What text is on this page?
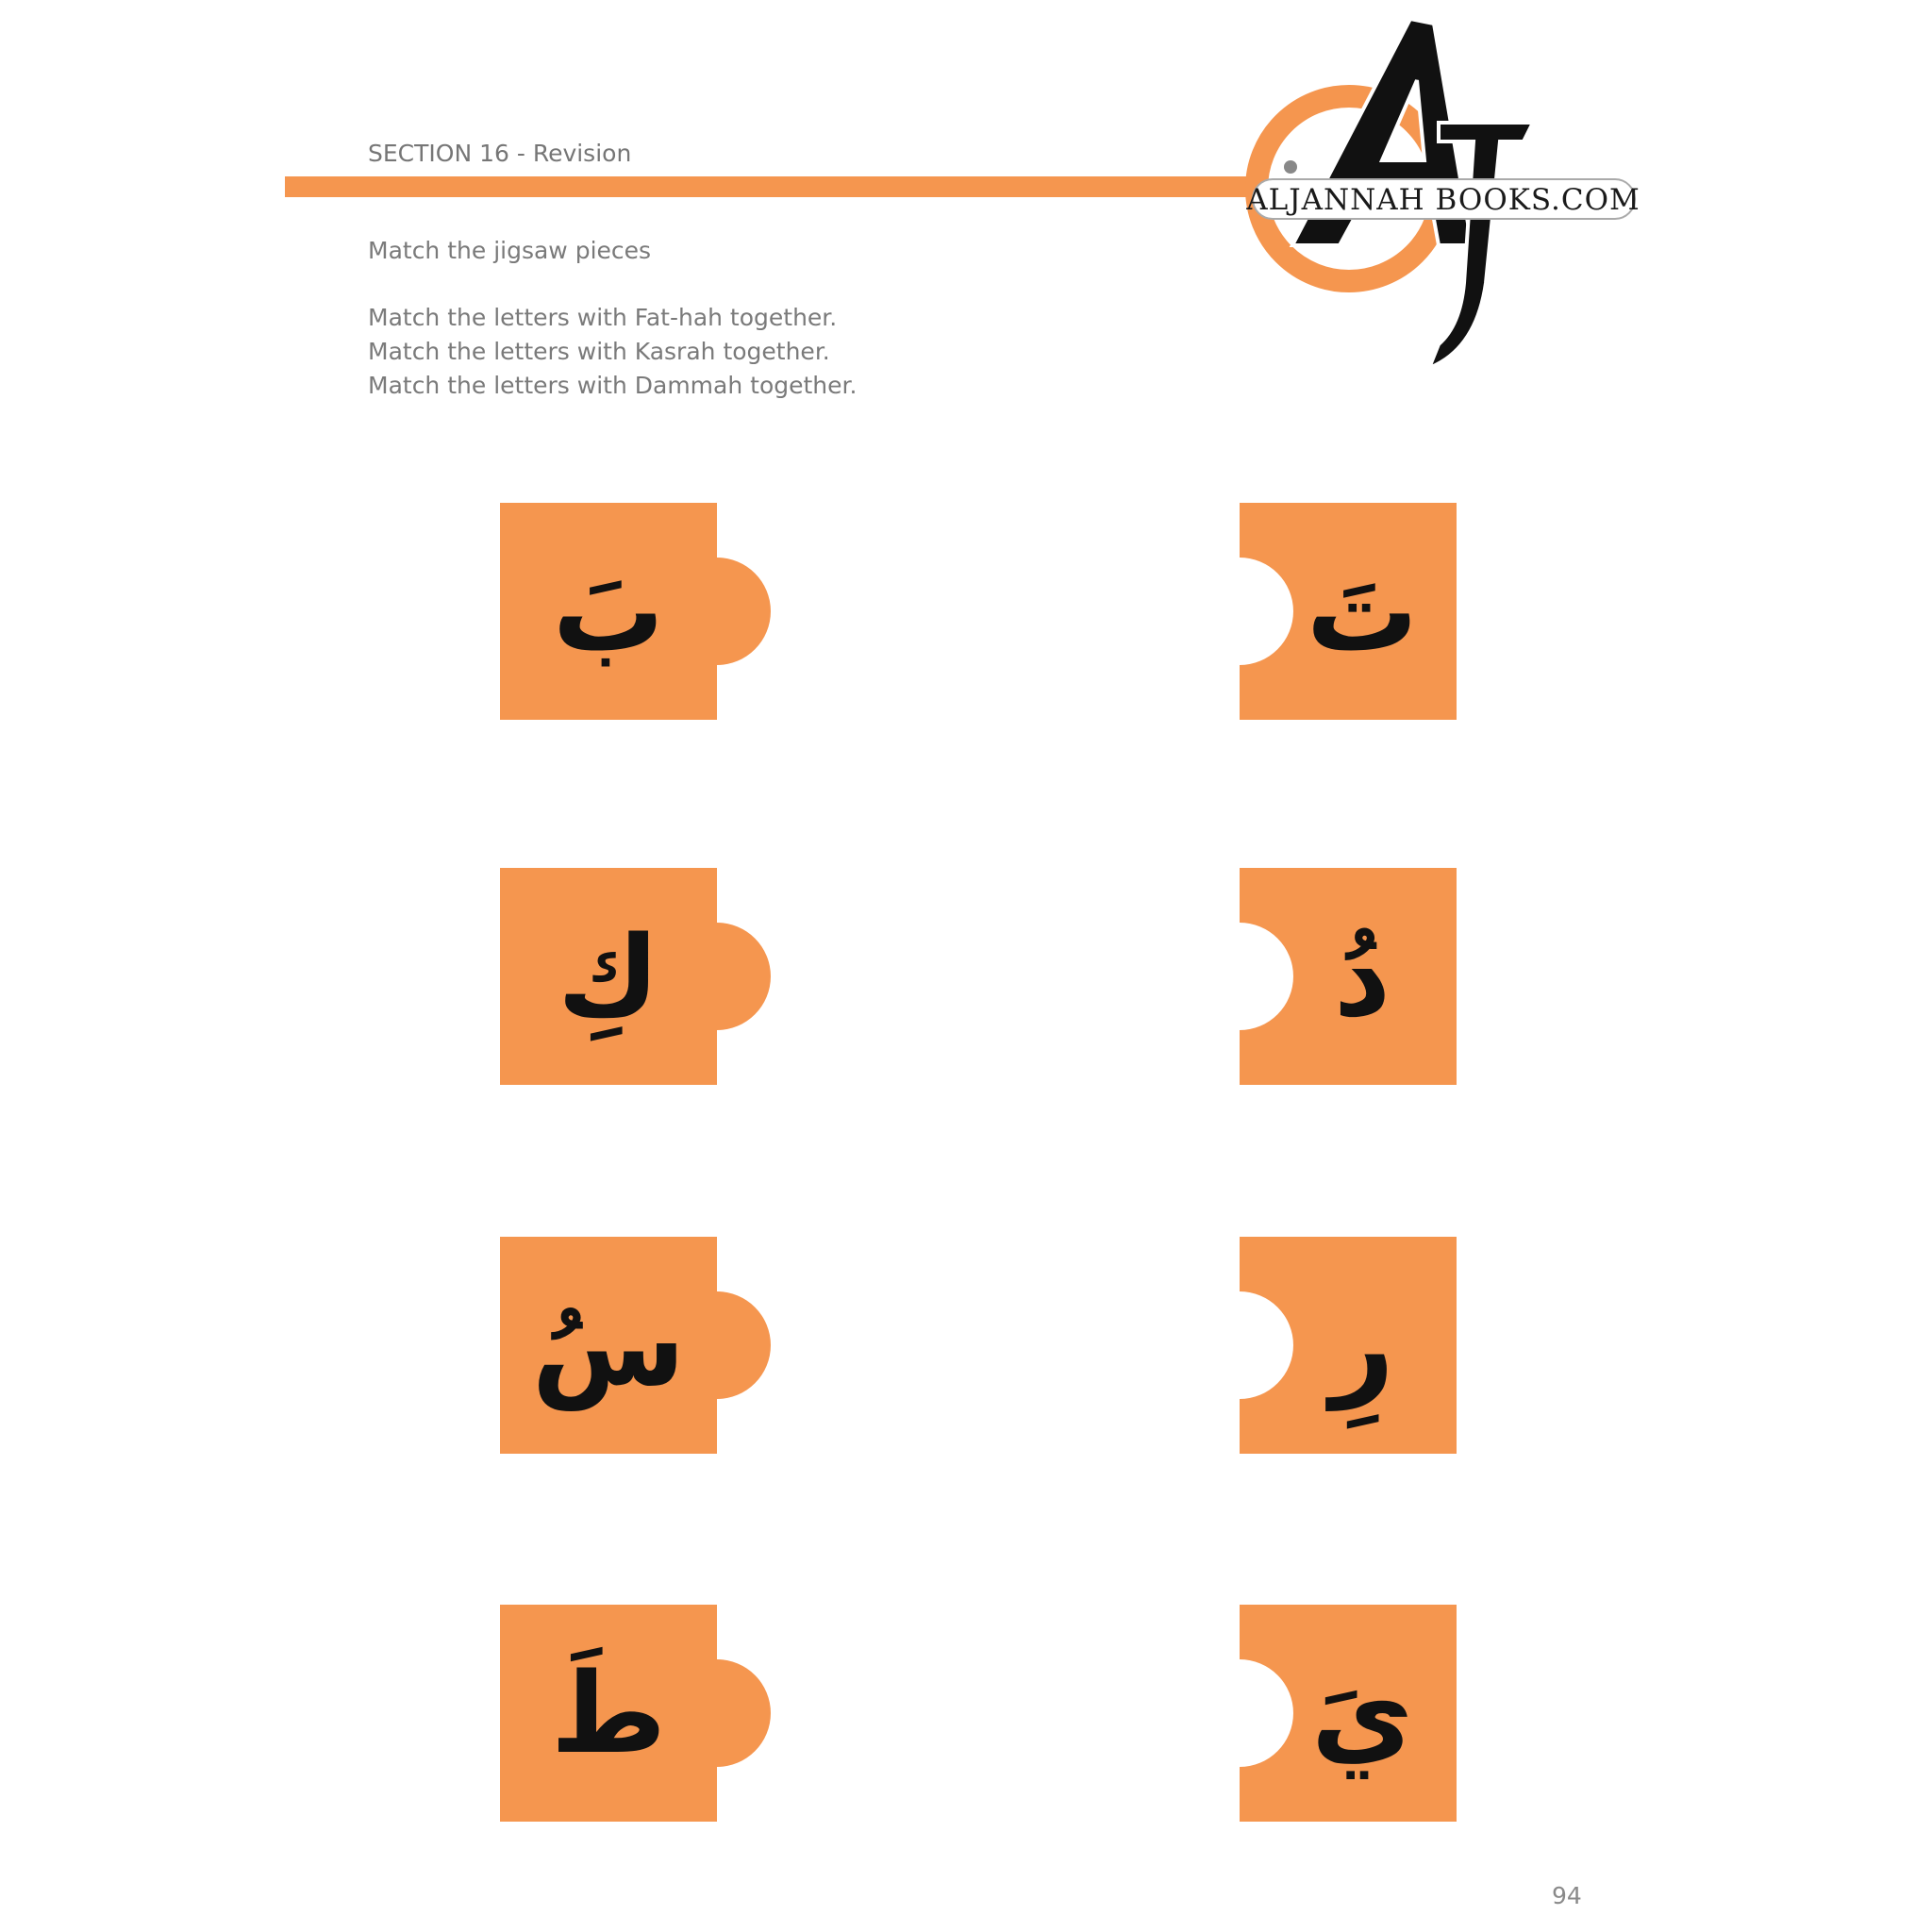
SECTION 16 - Revision
Match the jigsaw pieces
Match the letters with Fat-hah together.
Match the letters with Kasrah together.
Match the letters with Dammah together.
ALJANNAH BOOKS.COM
بَ
كِ
سُ
طَ
تَ
دُ
رِ
يَ
94
